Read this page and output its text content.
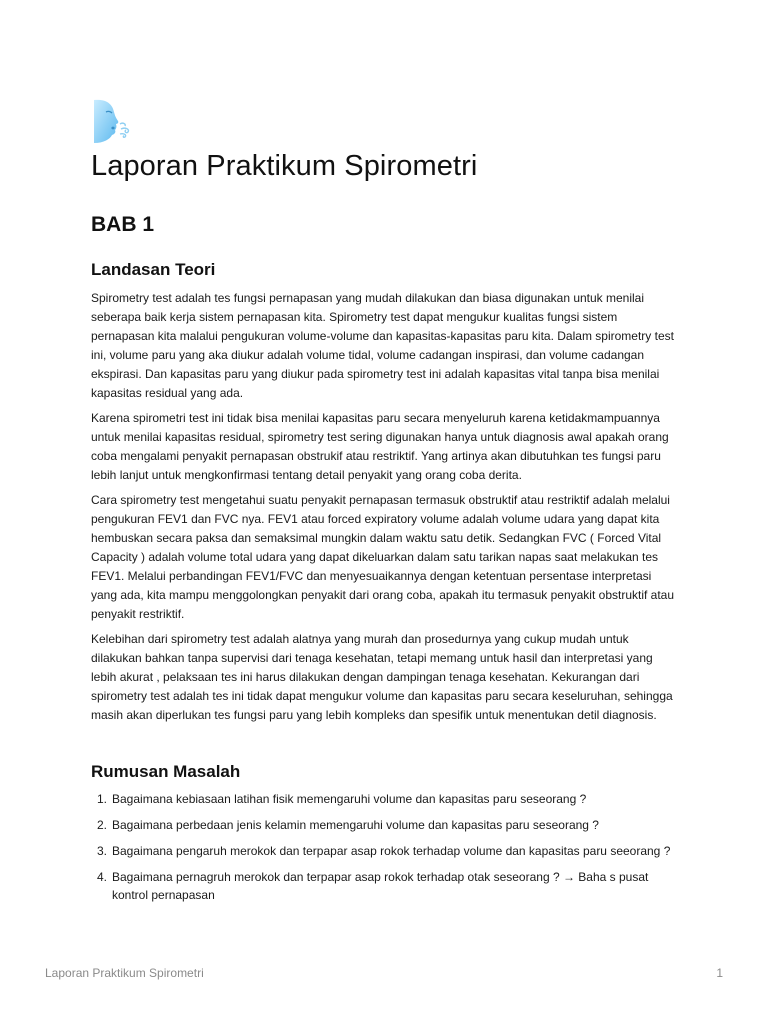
Laporan Praktikum Spirometri
BAB 1
Landasan Teori

Spirometry test adalah tes fungsi pernapasan yang mudah dilakukan dan biasa digunakan untuk menilai seberapa baik kerja sistem pernapasan kita. Spirometry test dapat mengukur kualitas fungsi sistem pernapasan kita malalui pengukuran volume-volume dan kapasitas-kapasitas paru kita. Dalam spirometry test ini, volume paru yang aka diukur adalah volume tidal, volume cadangan inspirasi, dan volume cadangan ekspirasi. Dan kapasitas paru yang diukur pada spirometry test ini adalah kapasitas vital tanpa bisa menilai kapasitas residual yang ada.

Karena spirometri test ini tidak bisa menilai kapasitas paru secara menyeluruh karena ketidakmampuannya untuk menilai kapasitas residual, spirometry test sering digunakan hanya untuk diagnosis awal apakah orang coba mengalami penyakit pernapasan obstrukif atau restriktif. Yang artinya akan dibutuhkan tes fungsi paru lebih lanjut untuk mengkonfirmasi tentang detail penyakit yang orang coba derita.

Cara spirometry test mengetahui suatu penyakit pernapasan termasuk obstruktif atau restriktif adalah melalui pengukuran FEV1 dan FVC nya. FEV1 atau forced expiratory volume adalah volume udara yang dapat kita hembuskan secara paksa dan semaksimal mungkin dalam waktu satu detik. Sedangkan FVC ( Forced Vital Capacity ) adalah volume total udara yang dapat dikeluarkan dalam satu tarikan napas saat melakukan tes FEV1. Melalui perbandingan FEV1/FVC dan menyesuaikannya dengan ketentuan persentase interpretasi yang ada, kita mampu menggolongkan penyakit dari orang coba, apakah itu termasuk penyakit obstruktif atau penyakit restriktif.

Kelebihan dari spirometry test adalah alatnya yang murah dan prosedurnya yang cukup mudah untuk dilakukan bahkan tanpa supervisi dari tenaga kesehatan, tetapi memang untuk hasil dan interpretasi yang lebih akurat , pelaksaan tes ini harus dilakukan dengan dampingan tenaga kesehatan. Kekurangan dari spirometry test adalah tes ini tidak dapat mengukur volume dan kapasitas paru secara keseluruhan, sehingga masih akan diperlukan tes fungsi paru yang lebih kompleks dan spesifik untuk menentukan detil diagnosis.

Rumusan Masalah
1. Bagaimana kebiasaan latihan fisik memengaruhi volume dan kapasitas paru seseorang ?
2. Bagaimana perbedaan jenis kelamin memengaruhi volume dan kapasitas paru seseorang ?
3. Bagaimana pengaruh merokok dan terpapar asap rokok terhadap volume dan kapasitas paru seeorang ?
4. Bagaimana pernagruh merokok dan terpapar asap rokok terhadap otak seseorang ? → Baha s pusat kontrol pernapasan
Laporan Praktikum Spirometri	1
